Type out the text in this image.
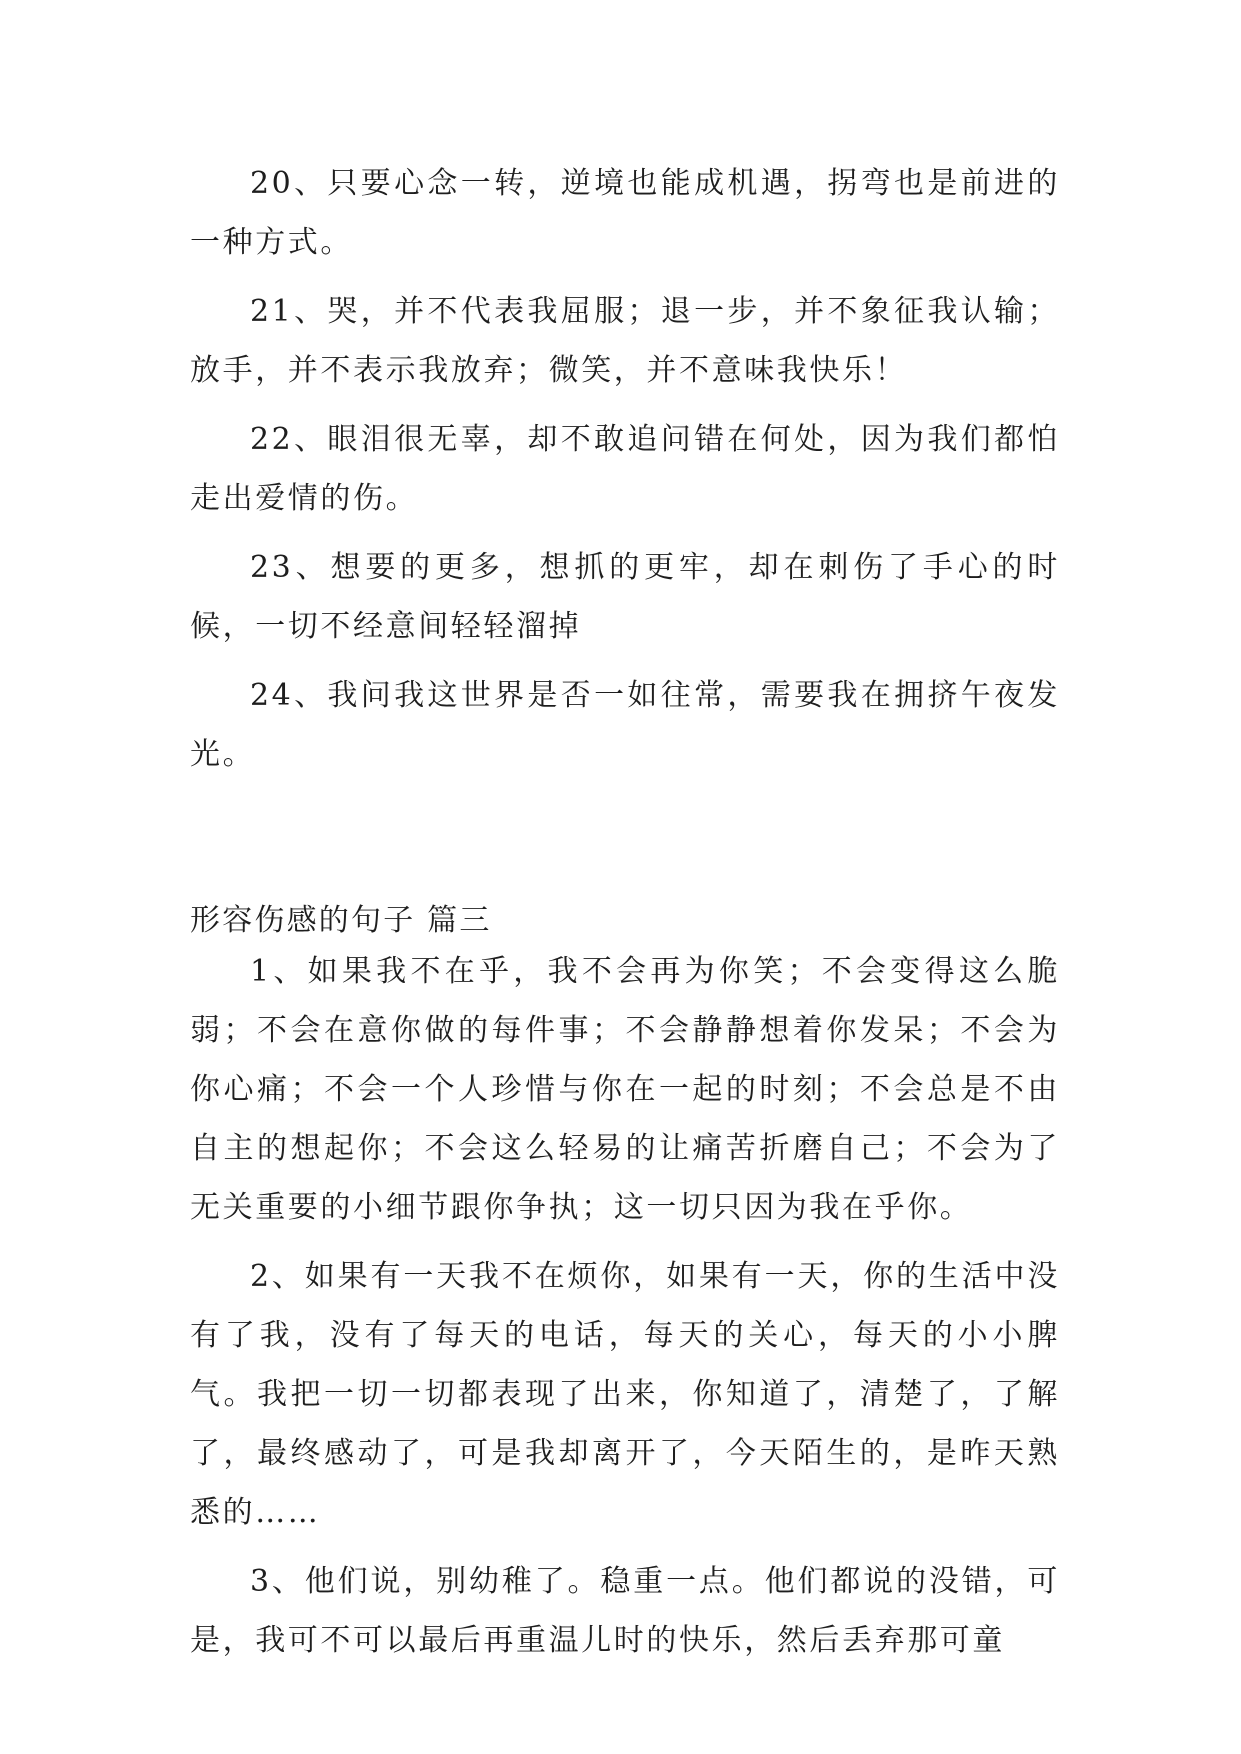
20、只要心念一转，逆境也能成机遇，拐弯也是前进的一种方式。

21、哭，并不代表我屈服；退一步，并不象征我认输；放手，并不表示我放弃；微笑，并不意味我快乐！

22、眼泪很无辜，却不敢追问错在何处，因为我们都怕走出爱情的伤。

23、想要的更多，想抓的更牢，却在刺伤了手心的时候，一切不经意间轻轻溜掉

24、我问我这世界是否一如往常，需要我在拥挤午夜发光。

形容伤感的句子 篇三

1、如果我不在乎，我不会再为你笑；不会变得这么脆弱；不会在意你做的每件事；不会静静想着你发呆；不会为你心痛；不会一个人珍惜与你在一起的时刻；不会总是不由自主的想起你；不会这么轻易的让痛苦折磨自己；不会为了无关重要的小细节跟你争执；这一切只因为我在乎你。

2、如果有一天我不在烦你，如果有一天，你的生活中没有了我，没有了每天的电话，每天的关心，每天的小小脾气。我把一切一切都表现了出来，你知道了，清楚了，了解了，最终感动了，可是我却离开了，今天陌生的，是昨天熟悉的……

3、他们说，别幼稚了。稳重一点。他们都说的没错，可是，我可不可以最后再重温儿时的快乐，然后丢弃那可童
